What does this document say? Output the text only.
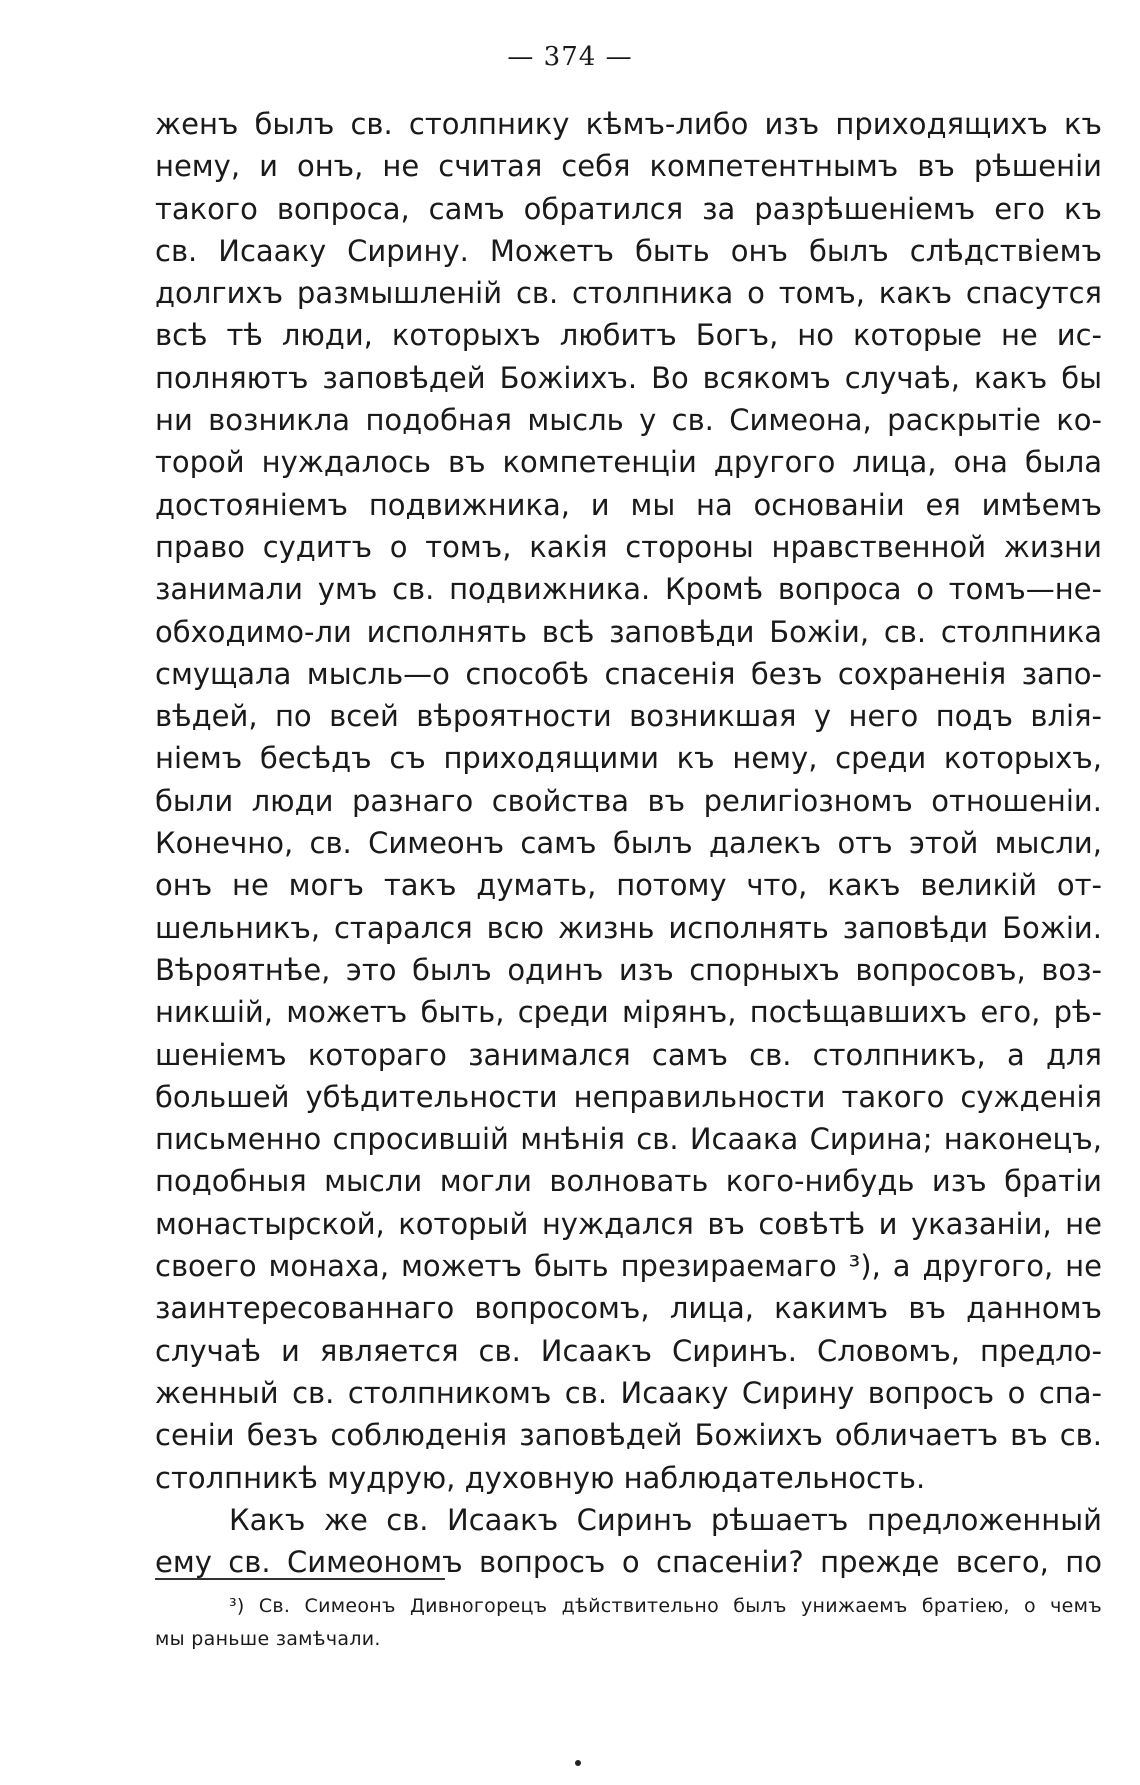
— 374 —
женъ былъ св. столпнику кѣмъ-либо изъ приходящихъ къ
нему, и онъ, не считая себя компетентнымъ въ рѣшеніи
такого вопроса, самъ обратился за разрѣшеніемъ его къ
св. Исааку Сирину. Можетъ быть онъ былъ слѣдствіемъ
долгихъ размышленій св. столпника о томъ, какъ спасутся
всѣ тѣ люди, которыхъ любитъ Богъ, но которые не ис-
полняютъ заповѣдей Божіихъ. Во всякомъ случаѣ, какъ бы
ни возникла подобная мысль у св. Симеона, раскрытіе ко-
торой нуждалось въ компетенціи другого лица, она была
достояніемъ подвижника, и мы на основаніи ея имѣемъ
право судитъ о томъ, какія стороны нравственной жизни
занимали умъ св. подвижника. Кромѣ вопроса о томъ—не-
обходимо-ли исполнять всѣ заповѣди Божіи, св. столпника
смущала мысль—о способѣ спасенія безъ сохраненія запо-
вѣдей, по всей вѣроятности возникшая у него подъ влія-
ніемъ бесѣдъ съ приходящими къ нему, среди которыхъ,
были люди разнаго свойства въ религіозномъ отношеніи.
Конечно, св. Симеонъ самъ былъ далекъ отъ этой мысли,
онъ не могъ такъ думать, потому что, какъ великій от-
шельникъ, старался всю жизнь исполнять заповѣди Божіи.
Вѣроятнѣе, это былъ одинъ изъ спорныхъ вопросовъ, воз-
никшій, можетъ быть, среди мірянъ, посѣщавшихъ его, рѣ-
шеніемъ котораго занимался самъ св. столпникъ, а для
большей убѣдительности неправильности такого сужденія
письменно спросившій мнѣнія св. Исаака Сирина; наконецъ,
подобныя мысли могли волновать кого-нибудь изъ братіи
монастырской, который нуждался въ совѣтѣ и указаніи, не
своего монаха, можетъ быть презираемаго ³), а другого, не
заинтересованнаго вопросомъ, лица, какимъ въ данномъ
случаѣ и является св. Исаакъ Сиринъ. Словомъ, предло-
женный св. столпникомъ св. Исааку Сирину вопросъ о спа-
сеніи безъ соблюденія заповѣдей Божіихъ обличаетъ въ св.
столпникѣ мудрую, духовную наблюдательность.
Какъ же св. Исаакъ Сиринъ рѣшаетъ предложенный
ему св. Симеономъ вопросъ о спасеніи? прежде всего, по
³) Св. Симеонъ Дивногорецъ дѣйствительно былъ унижаемъ братіею, о чемъ
мы раньше замѣчали.
